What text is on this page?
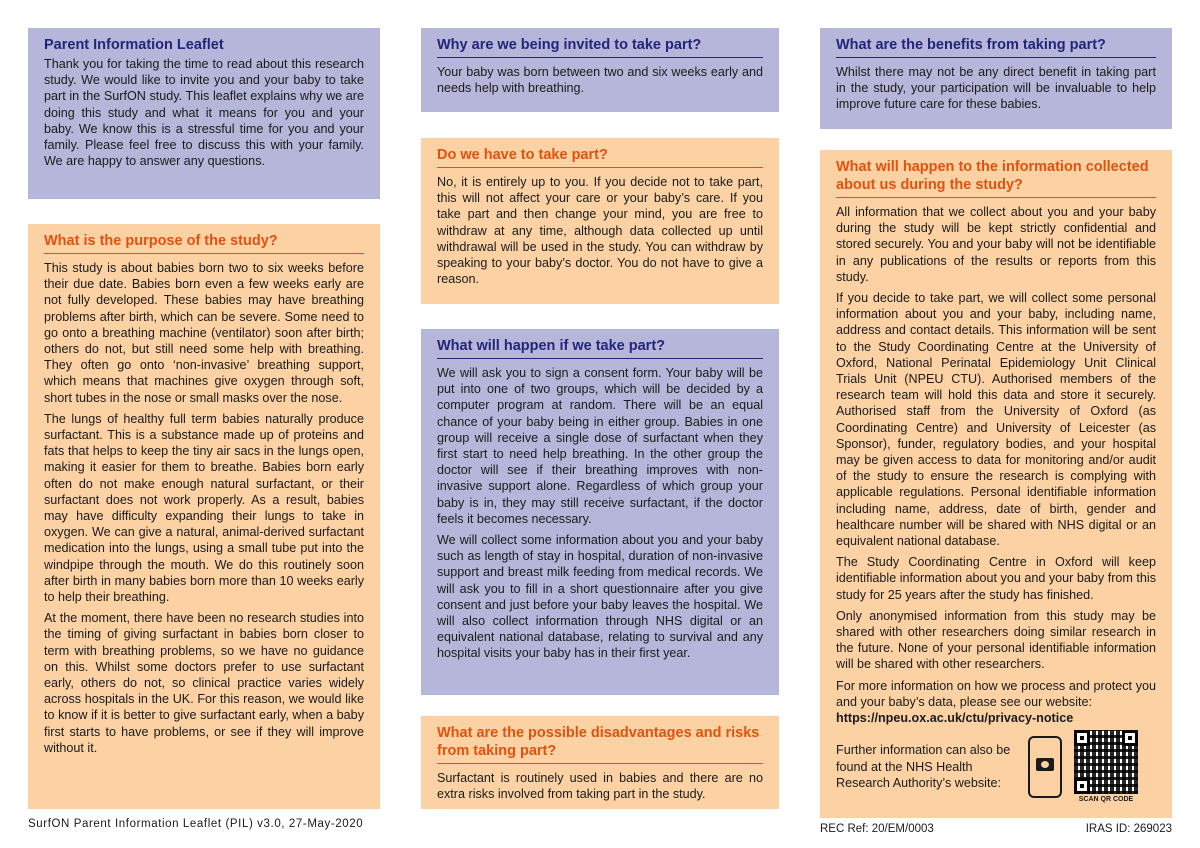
Parent Information Leaflet

Thank you for taking the time to read about this research study. We would like to invite you and your baby to take part in the SurfON study. This leaflet explains why we are doing this study and what it means for you and your baby. We know this is a stressful time for you and your family. Please feel free to discuss this with your family. We are happy to answer any questions.

What is the purpose of the study?

This study is about babies born two to six weeks before their due date. Babies born even a few weeks early are not fully developed. These babies may have breathing problems after birth, which can be severe. Some need to go onto a breathing machine (ventilator) soon after birth; others do not, but still need some help with breathing. They often go onto ‘non-invasive’ breathing support, which means that machines give oxygen through soft, short tubes in the nose or small masks over the nose.

The lungs of healthy full term babies naturally produce surfactant. This is a substance made up of proteins and fats that helps to keep the tiny air sacs in the lungs open, making it easier for them to breathe. Babies born early often do not make enough natural surfactant, or their surfactant does not work properly. As a result, babies may have difficulty expanding their lungs to take in oxygen. We can give a natural, animal-derived surfactant medication into the lungs, using a small tube put into the windpipe through the mouth. We do this routinely soon after birth in many babies born more than 10 weeks early to help their breathing.

At the moment, there have been no research studies into the timing of giving surfactant in babies born closer to term with breathing problems, so we have no guidance on this. Whilst some doctors prefer to use surfactant early, others do not, so clinical practice varies widely across hospitals in the UK. For this reason, we would like to know if it is better to give surfactant early, when a baby first starts to have problems, or see if they will improve without it.

Why are we being invited to take part?

Your baby was born between two and six weeks early and needs help with breathing.

Do we have to take part?

No, it is entirely up to you. If you decide not to take part, this will not affect your care or your baby’s care. If you take part and then change your mind, you are free to withdraw at any time, although data collected up until withdrawal will be used in the study. You can withdraw by speaking to your baby’s doctor. You do not have to give a reason.

What will happen if we take part?

We will ask you to sign a consent form. Your baby will be put into one of two groups, which will be decided by a computer program at random. There will be an equal chance of your baby being in either group. Babies in one group will receive a single dose of surfactant when they first start to need help breathing. In the other group the doctor will see if their breathing improves with non-invasive support alone. Regardless of which group your baby is in, they may still receive surfactant, if the doctor feels it becomes necessary.

We will collect some information about you and your baby such as length of stay in hospital, duration of non-invasive support and breast milk feeding from medical records. We will ask you to fill in a short questionnaire after you give consent and just before your baby leaves the hospital. We will also collect information through NHS digital or an equivalent national database, relating to survival and any hospital visits your baby has in their first year.

What are the possible disadvantages and risks from taking part?

Surfactant is routinely used in babies and there are no extra risks involved from taking part in the study.

What are the benefits from taking part?

Whilst there may not be any direct benefit in taking part in the study, your participation will be invaluable to help improve future care for these babies.

What will happen to the information collected about us during the study?

All information that we collect about you and your baby during the study will be kept strictly confidential and stored securely. You and your baby will not be identifiable in any publications of the results or reports from this study.

If you decide to take part, we will collect some personal information about you and your baby, including name, address and contact details. This information will be sent to the Study Coordinating Centre at the University of Oxford, National Perinatal Epidemiology Unit Clinical Trials Unit (NPEU CTU). Authorised members of the research team will hold this data and store it securely. Authorised staff from the University of Oxford (as Coordinating Centre) and University of Leicester (as Sponsor), funder, regulatory bodies, and your hospital may be given access to data for monitoring and/or audit of the study to ensure the research is complying with applicable regulations. Personal identifiable information including name, address, date of birth, gender and healthcare number will be shared with NHS digital or an equivalent national database.

The Study Coordinating Centre in Oxford will keep identifiable information about you and your baby from this study for 25 years after the study has finished.

Only anonymised information from this study may be shared with other researchers doing similar research in the future. None of your personal identifiable information will be shared with other researchers.

For more information on how we process and protect you and your baby’s data, please see our website:
https://npeu.ox.ac.uk/ctu/privacy-notice

Further information can also be found at the NHS Health Research Authority’s website:

SCAN QR CODE
SurfON Parent Information Leaflet (PIL) v3.0, 27-May-2020	REC Ref: 20/EM/0003	IRAS ID: 269023
